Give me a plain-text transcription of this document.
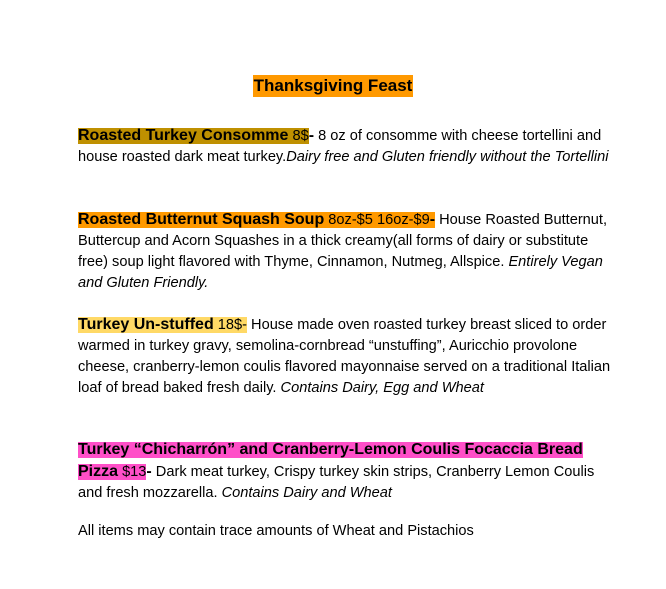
Thanksgiving Feast
Roasted Turkey Consomme 8$- 8 oz of consomme with cheese tortellini and house roasted dark meat turkey.Dairy free and Gluten friendly without the Tortellini
Roasted Butternut Squash Soup 8oz-$5 16oz-$9- House Roasted Butternut, Buttercup and Acorn Squashes in a thick creamy(all forms of dairy or substitute free) soup light flavored with Thyme, Cinnamon, Nutmeg, Allspice. Entirely Vegan and Gluten Friendly.
Turkey Un-stuffed 18$- House made oven roasted turkey breast sliced to order warmed in turkey gravy, semolina-cornbread “unstuffing”, Auricchio provolone cheese, cranberry-lemon coulis flavored mayonnaise served on a traditional Italian loaf of bread baked fresh daily. Contains Dairy, Egg and Wheat
Turkey “Chicharrón” and Cranberry-Lemon Coulis Focaccia Bread Pizza $13- Dark meat turkey, Crispy turkey skin strips, Cranberry Lemon Coulis and fresh mozzarella. Contains Dairy and Wheat
All items may contain trace amounts of Wheat and Pistachios
